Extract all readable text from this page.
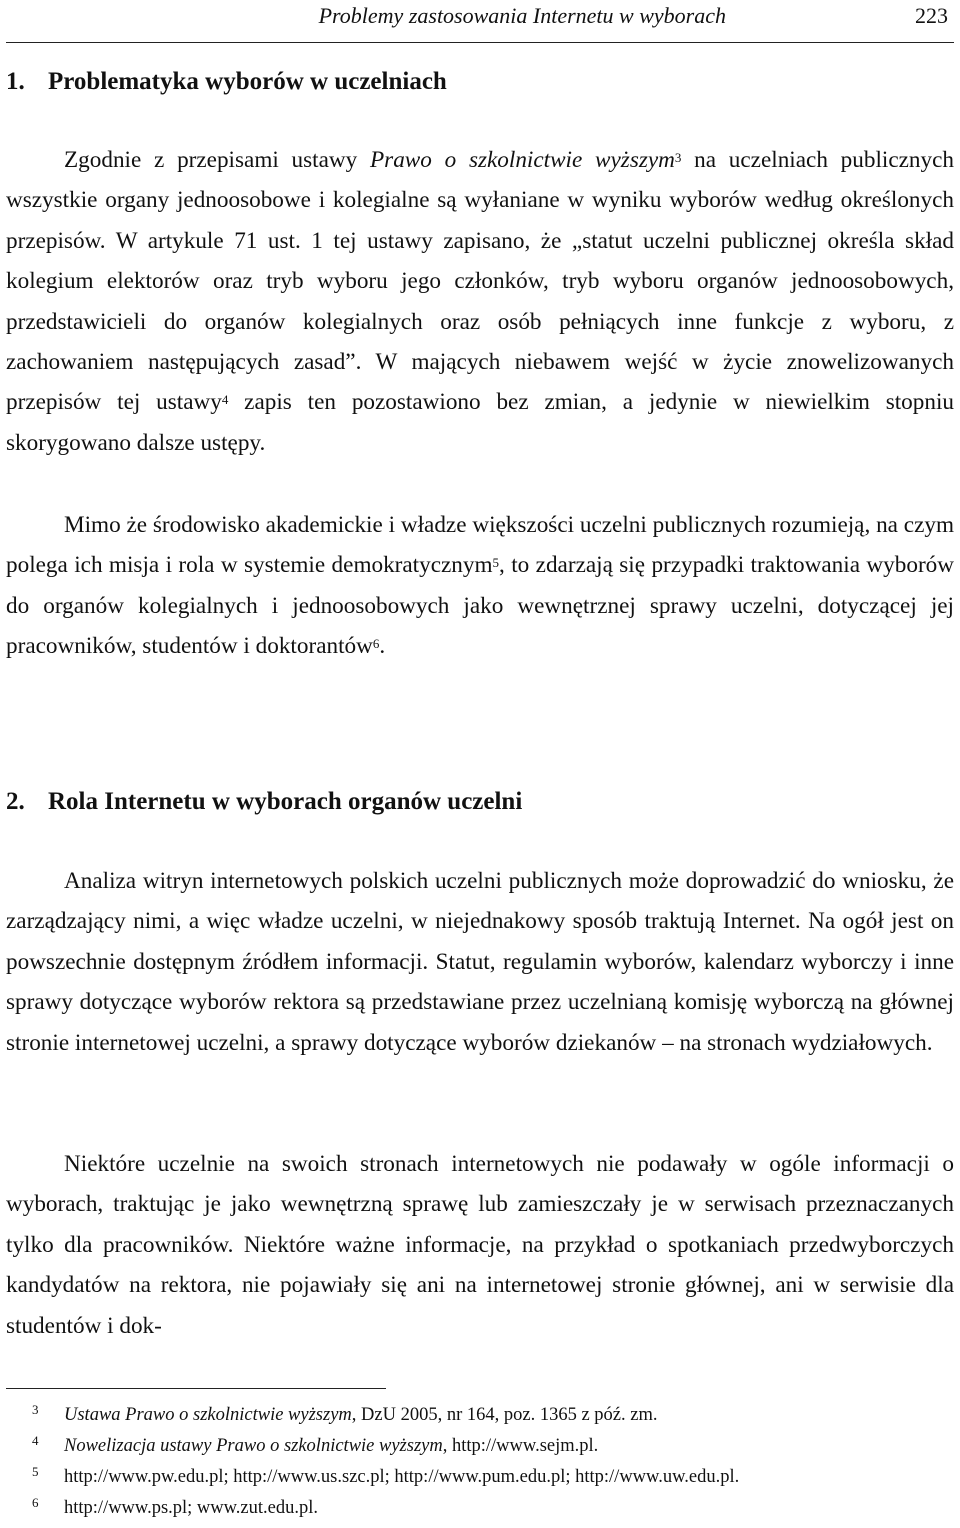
Problemy zastosowania Internetu w wyborach	223
1. Problematyka wyborów w uczelniach

Zgodnie z przepisami ustawy Prawo o szkolnictwie wyższym$^3$ na uczelniach publicznych wszystkie organy jednoosobowe i kolegialne są wyłaniane w wyniku wyborów według określonych przepisów. W artykule 71 ust. 1 tej ustawy zapisano, że „statut uczelni publicznej określa skład kolegium elektorów oraz tryb wyboru jego członków, tryb wyboru organów jednoosobowych, przedstawicieli do organów kolegialnych oraz osób pełniących inne funkcje z wyboru, z zachowaniem następujących zasad”. W mających niebawem wejść w życie znowelizowanych przepisów tej ustawy$^4$ zapis ten pozostawiono bez zmian, a jedynie w niewielkim stopniu skorygowano dalsze ustępy.

Mimo że środowisko akademickie i władze większości uczelni publicznych rozumieją, na czym polega ich misja i rola w systemie demokratycznym$^5$, to zdarzają się przypadki traktowania wyborów do organów kolegialnych i jednoosobowych jako wewnętrznej sprawy uczelni, dotyczącej jej pracowników, studentów i doktorantów$^6$.

2. Rola Internetu w wyborach organów uczelni

Analiza witryn internetowych polskich uczelni publicznych może doprowadzić do wniosku, że zarządzający nimi, a więc władze uczelni, w niejednakowy sposób traktują Internet. Na ogół jest on powszechnie dostępnym źródłem informacji. Statut, regulamin wyborów, kalendarz wyborczy i inne sprawy dotyczące wyborów rektora są przedstawiane przez uczelnianą komisję wyborczą na głównej stronie internetowej uczelni, a sprawy dotyczące wyborów dziekanów – na stronach wydziałowych.

Niektóre uczelnie na swoich stronach internetowych nie podawały w ogóle informacji o wyborach, traktując je jako wewnętrzną sprawę lub zamieszczały je w serwisach przeznaczanych tylko dla pracowników. Niektóre ważne informacje, na przykład o spotkaniach przedwyborczych kandydatów na rektora, nie pojawiały się ani na internetowej stronie głównej, ani w serwisie dla studentów i dok-

3	Ustawa Prawo o szkolnictwie wyższym, DzU 2005, nr 164, poz. 1365 z póź. zm.
4	Nowelizacja ustawy Prawo o szkolnictwie wyższym, http://www.sejm.pl.
5	http://www.pw.edu.pl; http://www.us.szc.pl; http://www.pum.edu.pl; http://www.uw.edu.pl.
6	http://www.ps.pl; www.zut.edu.pl.
